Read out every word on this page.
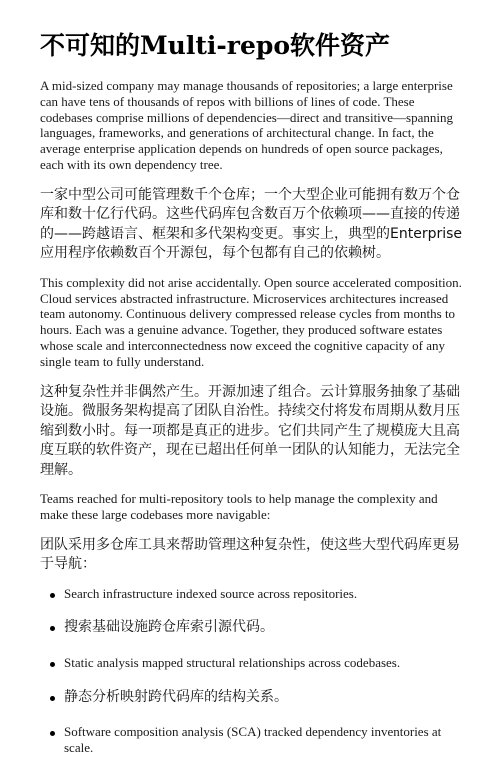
不可知的Multi-repo软件资产

A mid-sized company may manage thousands of repositories; a large enterprise can have tens of thousands of repos with billions of lines of code. These codebases comprise millions of dependencies—direct and transitive—spanning languages, frameworks, and generations of architectural change. In fact, the average enterprise application depends on hundreds of open source packages, each with its own dependency tree.

一家中型公司可能管理数千个仓库；一个大型企业可能拥有数万个仓库和数十亿行代码。这些代码库包含数百万个依赖项——直接的传递的——跨越语言、框架和多代架构变更。事实上，典型的Enterprise应用程序依赖数百个开源包，每个包都有自己的依赖树。

This complexity did not arise accidentally. Open source accelerated composition. Cloud services abstracted infrastructure. Microservices architectures increased team autonomy. Continuous delivery compressed release cycles from months to hours. Each was a genuine advance. Together, they produced software estates whose scale and interconnectedness now exceed the cognitive capacity of any single team to fully understand.

这种复杂性并非偶然产生。开源加速了组合。云计算服务抽象了基础设施。微服务架构提高了团队自治性。持续交付将发布周期从数月压缩到数小时。每一项都是真正的进步。它们共同产生了规模庞大且高度互联的软件资产，现在已超出任何单一团队的认知能力，无法完全理解。

Teams reached for multi-repository tools to help manage the complexity and make these large codebases more navigable:

团队采用多仓库工具来帮助管理这种复杂性，使这些大型代码库更易于导航：

Search infrastructure indexed source across repositories.
搜索基础设施跨仓库索引源代码。
Static analysis mapped structural relationships across codebases.
静态分析映射跨代码库的结构关系。
Software composition analysis (SCA) tracked dependency inventories at scale.
